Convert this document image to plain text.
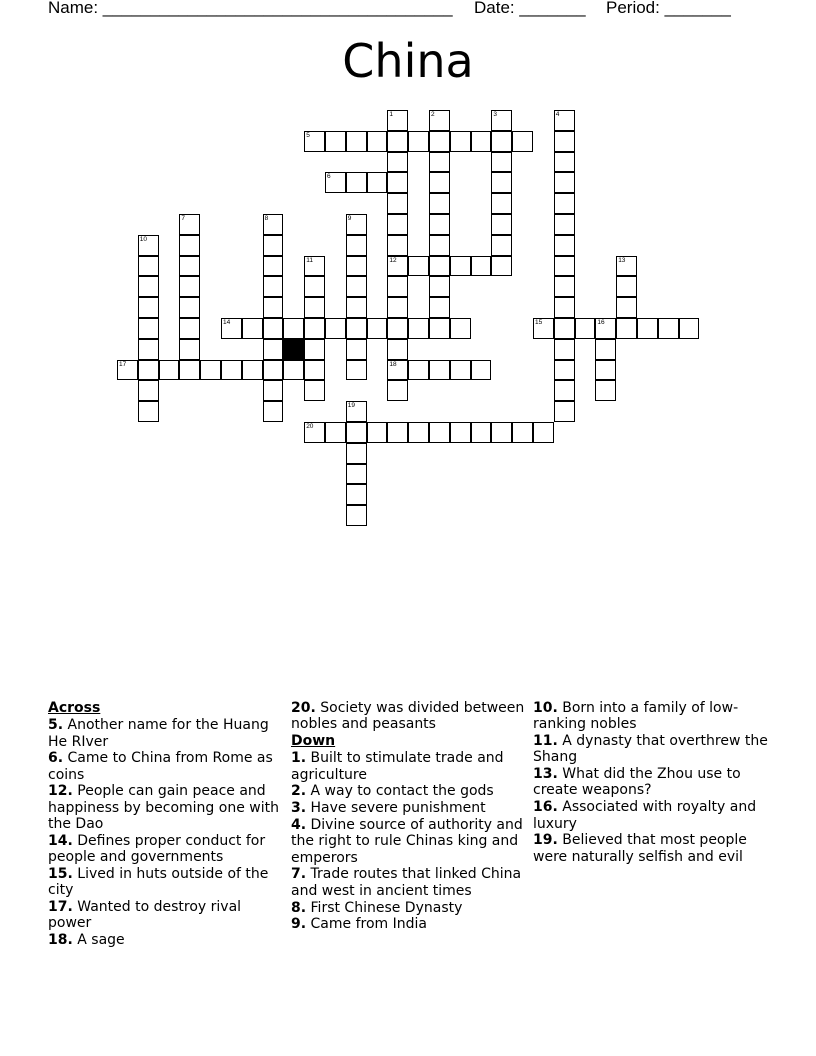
Name: _____________________________________ Date: _______ Period: _______
China
1
12
18
2	3	4
5
6
7	8	9
10
11	13
14	15	16
17
19
20
Across
5. Another name for the Huang He RIver
6. Came to China from Rome as coins
12. People can gain peace and happiness by becoming one with the Dao
14. Defines proper conduct for people and governments
15. Lived in huts outside of the city
17. Wanted to destroy rival power
18. A sage
20. Society was divided between nobles and peasants
Down
1. Built to stimulate trade and agriculture
2. A way to contact the gods
3. Have severe punishment
4. Divine source of authority and the right to rule Chinas king and emperors
7. Trade routes that linked China and west in ancient times
8. First Chinese Dynasty
9. Came from India
10. Born into a family of low-ranking nobles
11. A dynasty that overthrew the Shang
13. What did the Zhou use to create weapons?
16. Associated with royalty and luxury
19. Believed that most people were naturally selfish and evil
